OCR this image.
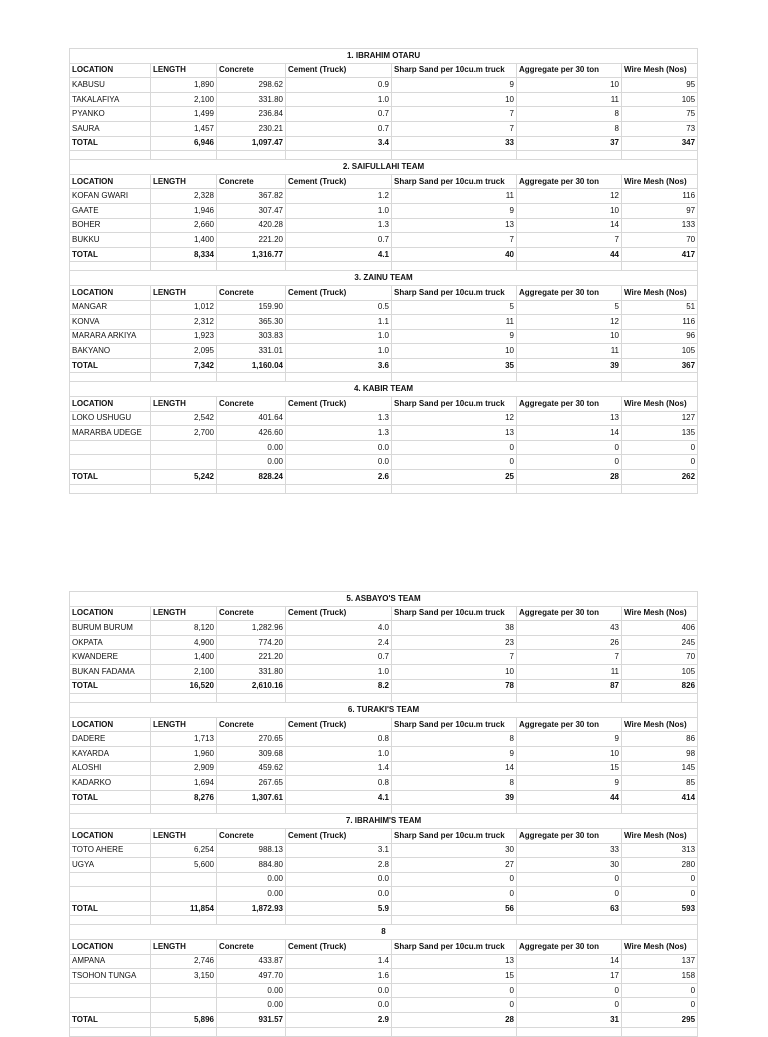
1. IBRAHIM OTARU						
LOCATION	LENGTH	Concrete	Cement (Truck)	Sharp Sand per 10cu.m truck	Aggregate per 30 ton	Wire Mesh (Nos)
KABUSU	1,890	298.62	0.9	9	10	95
TAKALAFIYA	2,100	331.80	1.0	10	11	105
PYANKO	1,499	236.84	0.7	7	8	75
SAURA	1,457	230.21	0.7	7	8	73
TOTAL	6,946	1,097.47	3.4	33	37	347

2. SAIFULLAHI TEAM						
LOCATION	LENGTH	Concrete	Cement (Truck)	Sharp Sand per 10cu.m truck	Aggregate per 30 ton	Wire Mesh (Nos)
KOFAN GWARI	2,328	367.82	1.2	11	12	116
GAATE	1,946	307.47	1.0	9	10	97
BOHER	2,660	420.28	1.3	13	14	133
BUKKU	1,400	221.20	0.7	7	7	70
TOTAL	8,334	1,316.77	4.1	40	44	417

3. ZAINU TEAM						
LOCATION	LENGTH	Concrete	Cement (Truck)	Sharp Sand per 10cu.m truck	Aggregate per 30 ton	Wire Mesh (Nos)
MANGAR	1,012	159.90	0.5	5	5	51
KONVA	2,312	365.30	1.1	11	12	116
MARARA ARKIYA	1,923	303.83	1.0	9	10	96
BAKYANO	2,095	331.01	1.0	10	11	105
TOTAL	7,342	1,160.04	3.6	35	39	367

4. KABIR TEAM						
LOCATION	LENGTH	Concrete	Cement (Truck)	Sharp Sand per 10cu.m truck	Aggregate per 30 ton	Wire Mesh (Nos)
LOKO USHUGU	2,542	401.64	1.3	12	13	127
MARARBA UDEGE	2,700	426.60	1.3	13	14	135
		0.00	0.0	0	0	0
		0.00	0.0	0	0	0
TOTAL	5,242	828.24	2.6	25	28	262

5. ASBAYO'S TEAM						
LOCATION	LENGTH	Concrete	Cement (Truck)	Sharp Sand per 10cu.m truck	Aggregate per 30 ton	Wire Mesh (Nos)
BURUM BURUM	8,120	1,282.96	4.0	38	43	406
OKPATA	4,900	774.20	2.4	23	26	245
KWANDERE	1,400	221.20	0.7	7	7	70
BUKAN FADAMA	2,100	331.80	1.0	10	11	105
TOTAL	16,520	2,610.16	8.2	78	87	826

6. TURAKI'S TEAM						
LOCATION	LENGTH	Concrete	Cement (Truck)	Sharp Sand per 10cu.m truck	Aggregate per 30 ton	Wire Mesh (Nos)
DADERE	1,713	270.65	0.8	8	9	86
KAYARDA	1,960	309.68	1.0	9	10	98
ALOSHI	2,909	459.62	1.4	14	15	145
KADARKO	1,694	267.65	0.8	8	9	85
TOTAL	8,276	1,307.61	4.1	39	44	414

7. IBRAHIM'S TEAM						
LOCATION	LENGTH	Concrete	Cement (Truck)	Sharp Sand per 10cu.m truck	Aggregate per 30 ton	Wire Mesh (Nos)
TOTO AHERE	6,254	988.13	3.1	30	33	313
UGYA	5,600	884.80	2.8	27	30	280
		0.00	0.0	0	0	0
		0.00	0.0	0	0	0
TOTAL	11,854	1,872.93	5.9	56	63	593

8						
LOCATION	LENGTH	Concrete	Cement (Truck)	Sharp Sand per 10cu.m truck	Aggregate per 30 ton	Wire Mesh (Nos)
AMPANA	2,746	433.87	1.4	13	14	137
TSOHON TUNGA	3,150	497.70	1.6	15	17	158
		0.00	0.0	0	0	0
		0.00	0.0	0	0	0
TOTAL	5,896	931.57	2.9	28	31	295
